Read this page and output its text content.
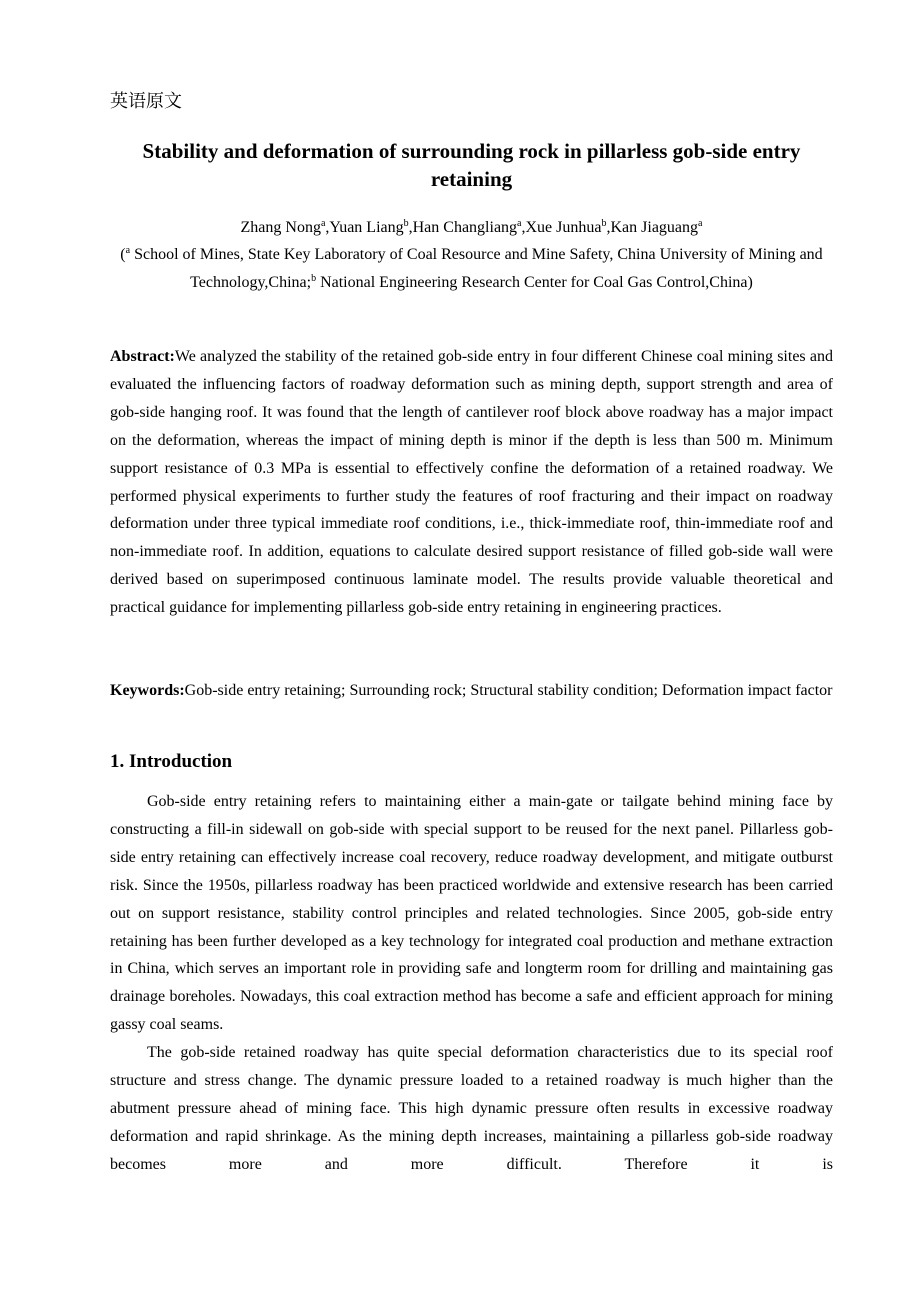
英语原文
Stability and deformation of surrounding rock in pillarless gob-side entry retaining
Zhang Nong$^a$,Yuan Liang$^b$,Han Changliang$^a$,Xue Junhua$^b$,Kan Jiaguang$^a$
($^a$ School of Mines, State Key Laboratory of Coal Resource and Mine Safety, China University of Mining and Technology,China;$^b$ National Engineering Research Center for Coal Gas Control,China)

Abstract:We analyzed the stability of the retained gob-side entry in four different Chinese coal mining sites and evaluated the influencing factors of roadway deformation such as mining depth, support strength and area of gob-side hanging roof. It was found that the length of cantilever roof block above roadway has a major impact on the deformation, whereas the impact of mining depth is minor if the depth is less than 500 m. Minimum support resistance of 0.3 MPa is essential to effectively confine the deformation of a retained roadway. We performed physical experiments to further study the features of roof fracturing and their impact on roadway deformation under three typical immediate roof conditions, i.e., thick-immediate roof, thin-immediate roof and non-immediate roof. In addition, equations to calculate desired support resistance of filled gob-side wall were derived based on superimposed continuous laminate model. The results provide valuable theoretical and practical guidance for implementing pillarless gob-side entry retaining in engineering practices.

Keywords:Gob-side entry retaining; Surrounding rock; Structural stability condition; Deformation impact factor

1. Introduction

Gob-side entry retaining refers to maintaining either a main-gate or tailgate behind mining face by constructing a fill-in sidewall on gob-side with special support to be reused for the next panel. Pillarless gob-side entry retaining can effectively increase coal recovery, reduce roadway development, and mitigate outburst risk. Since the 1950s, pillarless roadway has been practiced worldwide and extensive research has been carried out on support resistance, stability control principles and related technologies. Since 2005, gob-side entry retaining has been further developed as a key technology for integrated coal production and methane extraction in China, which serves an important role in providing safe and longterm room for drilling and maintaining gas drainage boreholes. Nowadays, this coal extraction method has become a safe and efficient approach for mining gassy coal seams.

The gob-side retained roadway has quite special deformation characteristics due to its special roof structure and stress change. The dynamic pressure loaded to a retained roadway is much higher than the abutment pressure ahead of mining face. This high dynamic pressure often results in excessive roadway deformation and rapid shrinkage. As the mining depth increases, maintaining a pillarless gob-side roadway becomes more and more difficult. Therefore it is
